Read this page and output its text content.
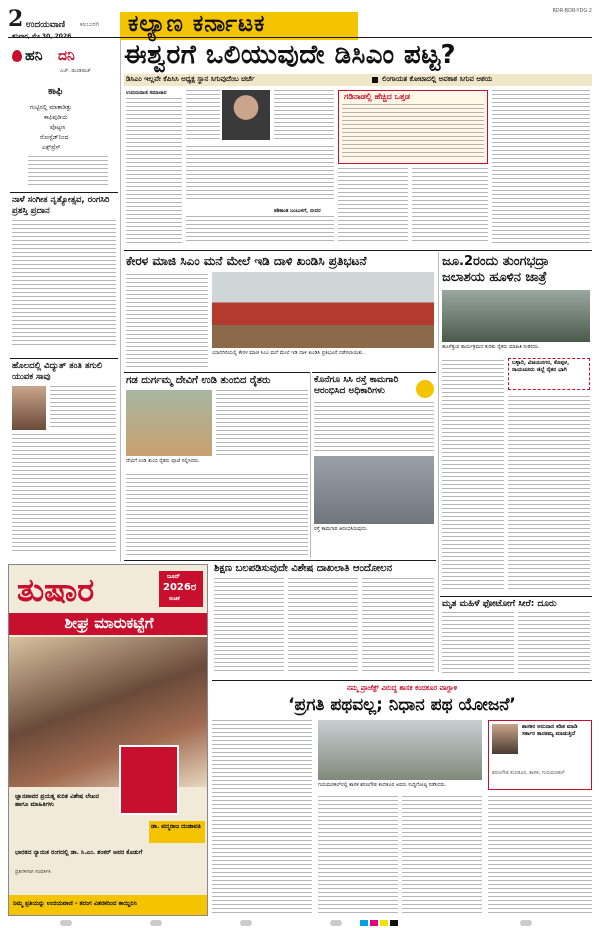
2 ಉದಯವಾಣಿ ಕಲಬುರಗಿ ಕಲ್ಯಾಣ ಕರ್ನಾಟಕ	RDR-BDR-YDG 2
ಹನಿ ದನಿ
ಎಚ್. ಡುಂಡಿರಾಜ್
ಕಾಫಿ
ಗುಟ್ಟಿನಲ್ಲಿ ಮಾತಾಡಿತ್ತು
ಕಾಫಿಪುಡಿಯ
ಪೊಟ್ಟಣ
ರೋಸ್ಟೆಡ್‌ನಿಂದ
ಎಕ್ಸ್‌ಪ್ರೆಸ್
ನಾಳೆ ಸಂಗೀತ ನೃತ್ಯೋತ್ಸವ, ರಂಗಸಿರಿ ಪ್ರಶಸ್ತಿ ಪ್ರದಾನ
ಹೊಲದಲ್ಲಿ ವಿದ್ಯುತ್ ತಂತಿ ತಗುಲಿ ಯುವಕ ಸಾವು
ಈಶ್ವರಗೆ ಒಲಿಯುವುದೇ ಡಿಸಿಎಂ ಪಟ್ಟ?
ಡಿಸಿಎಂ ಇಲ್ಲವೇ ಕೆಪಿಸಿಸಿ ಅಧ್ಯಕ್ಷ ಸ್ಥಾನ ಸಿಗುವುದೆಂಬ ಚರ್ಚೆ	ಲಿಂಗಾಯತ ಕೋಟಾದಲ್ಲಿ ಅವಕಾಶ ಸಿಗುವ ಆಶಯ
ಉದಯವಾಣಿ ಸಮಾಚಾರ
ಶಶಿಕಾಂತ ಬಂಬುಳಗೆ, ಬೀದರ
ಗಡಿನಾಡಲ್ಲಿ ಹೆಚ್ಚಿದ ಒತ್ತಡ
ಕೇರಳ ಮಾಜಿ ಸಿಎಂ ಮನೆ ಮೇಲೆ ಇಡಿ ದಾಳಿ ಖಂಡಿಸಿ ಪ್ರತಿಭಟನೆ
ಯಾದಗಿರಿಯಲ್ಲಿ ಕೇರಳ ಮಾಜಿ ಸಿಎಂ ಮನೆ ಮೇಲೆ ಇಡಿ ದಾಳಿ ಖಂಡಿಸಿ ಪ್ರತಿಭಟನೆ ನಡೆಸಲಾಯಿತು.
ಜೂ.2ರಂದು ತುಂಗಭದ್ರಾ ಜಲಾಶಯ ಹೂಳಿನ ಜಾತ್ರೆ
ಹೂಳೆತ್ತುವ ಕಾರ್ಯಕ್ರಮದ ಕುರಿತು ರೈತರು ಮಾಹಿತಿ ನೀಡಿದರು.
ಬಳ್ಳಾರಿ, ವಿಜಯನಗರ, ಕೊಪ್ಪಳ, ರಾಯಚೂರು ಜಿಲ್ಲೆ ರೈತರ ಭಾಗಿ
ಗಡ ದುರ್ಗಮ್ಮ ದೇವಿಗೆ ಉಡಿ ತುಂಬಿದ ರೈತರು
ದೇವಿಗೆ ಉಡಿ ತುಂಬಿ ರೈತರು ಪೂಜೆ ಸಲ್ಲಿಸಿದರು.
ಕೊನೆಗೂ ಸಿಸಿ ರಸ್ತೆ ಕಾಮಗಾರಿ ಆರಂಭಿಸಿದ ಅಧಿಕಾರಿಗಳು
ರಸ್ತೆ ಕಾಮಗಾರಿ ಆರಂಭಿಸಿರುವುದು.
ಶಿಕ್ಷಣ ಬಲಪಡಿಸುವುದೇ ವಿಶೇಷ ದಾಖಲಾತಿ ಆಂದೋಲನ
ಮೃತ ಮಹಿಳೆ ಫೋಟೋಗೆ ಸೀರೆ: ದೂರು
ತುಷಾರ	ಜೂನ್
2026ರ
ಸಂಚಿಕೆ
ಶೀಘ್ರ ಮಾರುಕಟ್ಟೆಗೆ
ಜ್ಞಾನಪಾವರ ಪ್ರಯತ್ನ ಕುರಿತ ವಿಶೇಷ ಲೇಖನ ಹಾಗೂ ಮಾಹಿತಿಗಳು
ಡಾ. ಪದ್ಮರಾಜ ದಂಡಾವತಿ
ಭಾರತದ ನ್ಯಾಯಿಕ ರಂಗದಲ್ಲಿ ಡಾ. ಸಿ.ಎಂ. ಶಂಕರ್ ಅವರ ಕೊಡುಗೆ
ಪ್ರತಿಗಳಿಗಾಗಿ ಸಂಪರ್ಕಿಸಿ
ನಿಮ್ಮ ಪ್ರತಿಯನ್ನು ಉದಯವಾಣಿ - ತರಂಗ ವಿತರಕರಿಂದ ಕಾಯ್ದಿರಿಸಿ
ನಮ್ಮ ಪ್ರಾಜೆಕ್ಟ್ ವಿರುದ್ಧ ಶಾಸಕ ಕಂದಕೂರ ವಾಗ್ದಾಳಿ
‘ಪ್ರಗತಿ ಪಥವಲ್ಲ; ನಿಧಾನ ಪಥ ಯೋಜನೆ’
ಗುರುಮಠಕಲ್‌ನಲ್ಲಿ ಶಾಸಕ ಶರಣಗೌಡ ಕಂದಕೂರ ಅವರು ಸುದ್ದಿಗೋಷ್ಠಿ ನಡೆಸಿದರು.
ಶಾಸಕರ ಅನುದಾನ ಕಡಿತ ಮಾಡಿ ಸರ್ಕಾರ ತಾರತಮ್ಯ ಮಾಡುತ್ತಿದೆ
ಶರಣಗೌಡ ಕಂದಕೂರ, ಶಾಸಕ, ಗುರುಮಠಕಲ್
